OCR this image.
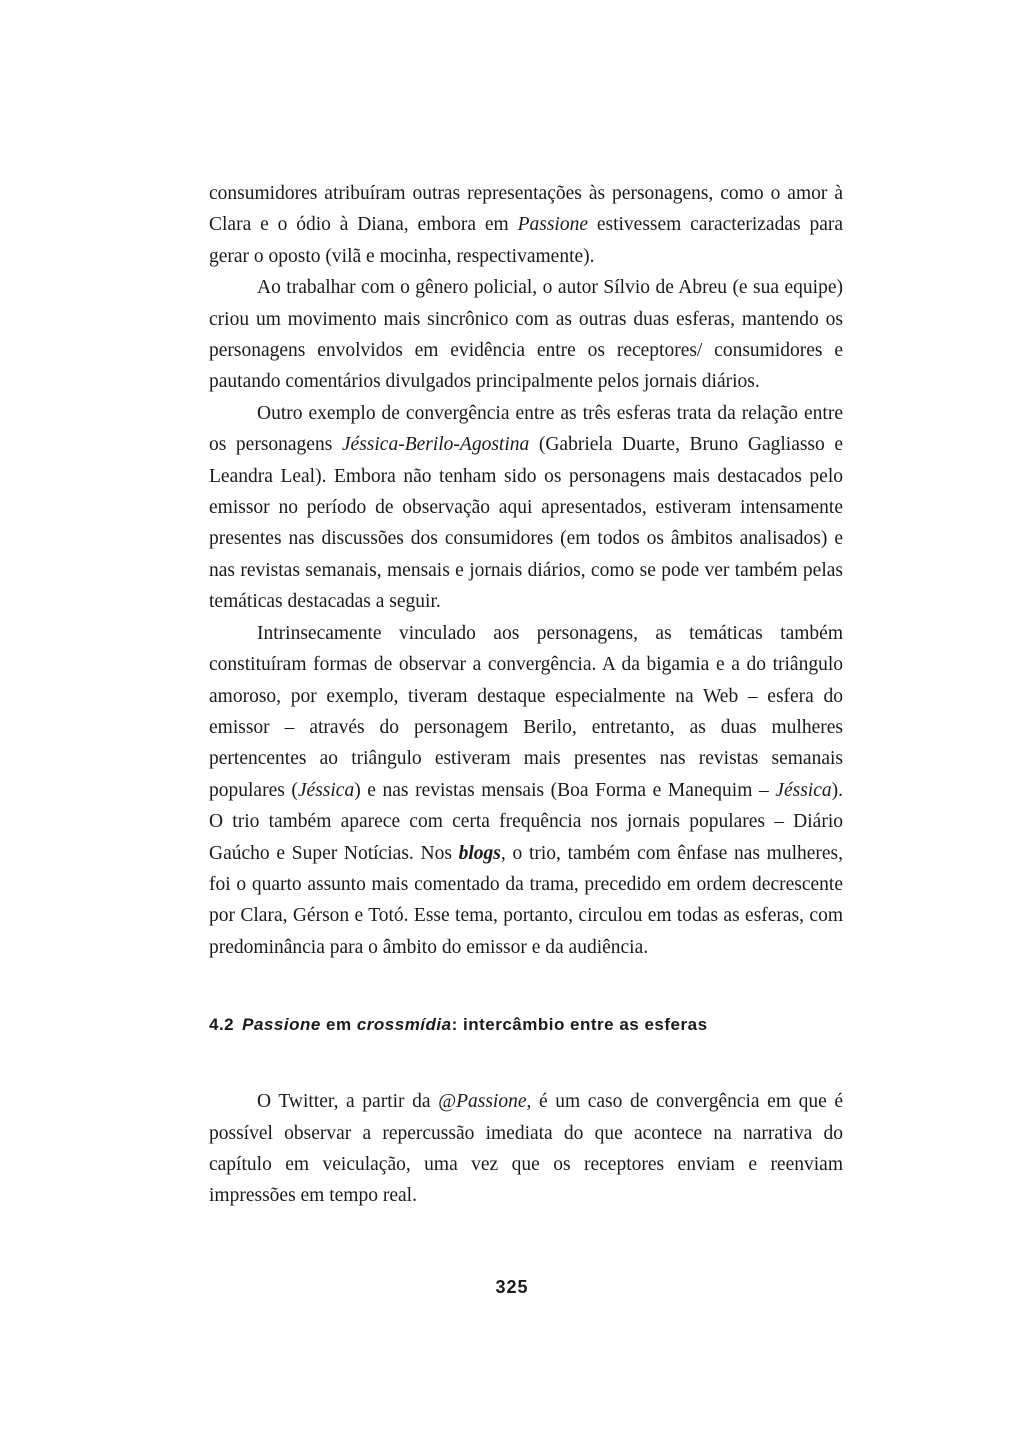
consumidores atribuíram outras representações às personagens, como o amor à Clara e o ódio à Diana, embora em Passione estivessem caracterizadas para gerar o oposto (vilã e mocinha, respectivamente).

Ao trabalhar com o gênero policial, o autor Sílvio de Abreu (e sua equipe) criou um movimento mais sincrônico com as outras duas esferas, mantendo os personagens envolvidos em evidência entre os receptores/ consumidores e pautando comentários divulgados principalmente pelos jornais diários.

Outro exemplo de convergência entre as três esferas trata da relação entre os personagens Jéssica-Berilo-Agostina (Gabriela Duarte, Bruno Gagliasso e Leandra Leal). Embora não tenham sido os personagens mais destacados pelo emissor no período de observação aqui apresentados, estiveram intensamente presentes nas discussões dos consumidores (em todos os âmbitos analisados) e nas revistas semanais, mensais e jornais diários, como se pode ver também pelas temáticas destacadas a seguir.

Intrinsecamente vinculado aos personagens, as temáticas também constituíram formas de observar a convergência. A da bigamia e a do triângulo amoroso, por exemplo, tiveram destaque especialmente na Web – esfera do emissor – através do personagem Berilo, entretanto, as duas mulheres pertencentes ao triângulo estiveram mais presentes nas revistas semanais populares (Jéssica) e nas revistas mensais (Boa Forma e Manequim – Jéssica). O trio também aparece com certa frequência nos jornais populares – Diário Gaúcho e Super Notícias. Nos blogs, o trio, também com ênfase nas mulheres, foi o quarto assunto mais comentado da trama, precedido em ordem decrescente por Clara, Gérson e Totó. Esse tema, portanto, circulou em todas as esferas, com predominância para o âmbito do emissor e da audiência.

4.2 Passione em crossmídia: intercâmbio entre as esferas

O Twitter, a partir da @Passione, é um caso de convergência em que é possível observar a repercussão imediata do que acontece na narrativa do capítulo em veiculação, uma vez que os receptores enviam e reenviam impressões em tempo real.

325
